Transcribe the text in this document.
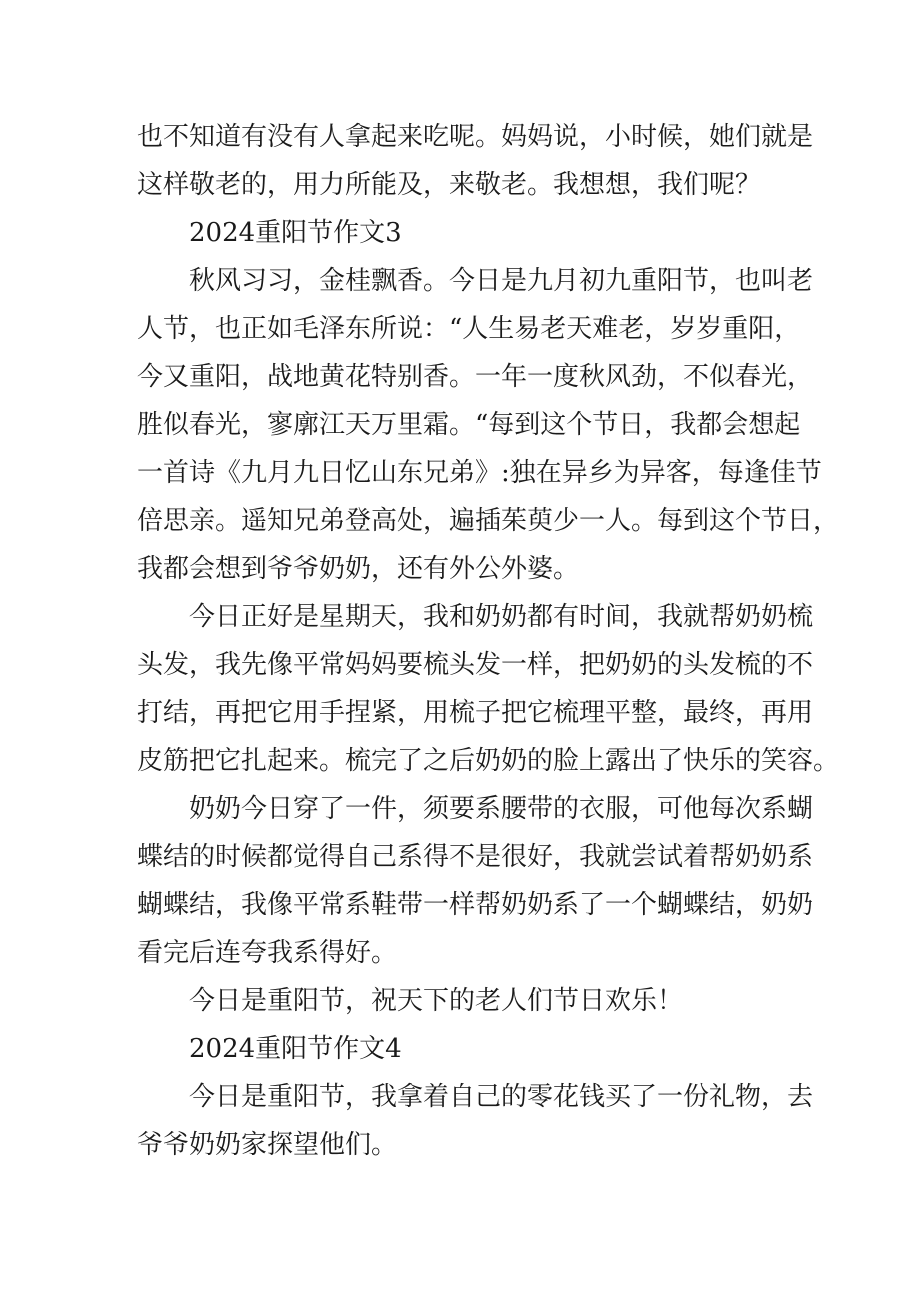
也不知道有没有人拿起来吃呢。妈妈说，小时候，她们就是
这样敬老的，用力所能及，来敬老。我想想，我们呢？
2024重阳节作文3
秋风习习，金桂飘香。今日是九月初九重阳节，也叫老
人节，也正如毛泽东所说：“人生易老天难老，岁岁重阳，
今又重阳，战地黄花特别香。一年一度秋风劲，不似春光，
胜似春光，寥廓江天万里霜。“每到这个节日，我都会想起
一首诗《九月九日忆山东兄弟》:独在异乡为异客，每逢佳节
倍思亲。遥知兄弟登高处，遍插茱萸少一人。每到这个节日，
我都会想到爷爷奶奶，还有外公外婆。
今日正好是星期天，我和奶奶都有时间，我就帮奶奶梳
头发，我先像平常妈妈要梳头发一样，把奶奶的头发梳的不
打结，再把它用手捏紧，用梳子把它梳理平整，最终，再用
皮筋把它扎起来。梳完了之后奶奶的脸上露出了快乐的笑容。
奶奶今日穿了一件，须要系腰带的衣服，可他每次系蝴
蝶结的时候都觉得自己系得不是很好，我就尝试着帮奶奶系
蝴蝶结，我像平常系鞋带一样帮奶奶系了一个蝴蝶结，奶奶
看完后连夸我系得好。
今日是重阳节，祝天下的老人们节日欢乐！
2024重阳节作文4
今日是重阳节，我拿着自己的零花钱买了一份礼物，去
爷爷奶奶家探望他们。
